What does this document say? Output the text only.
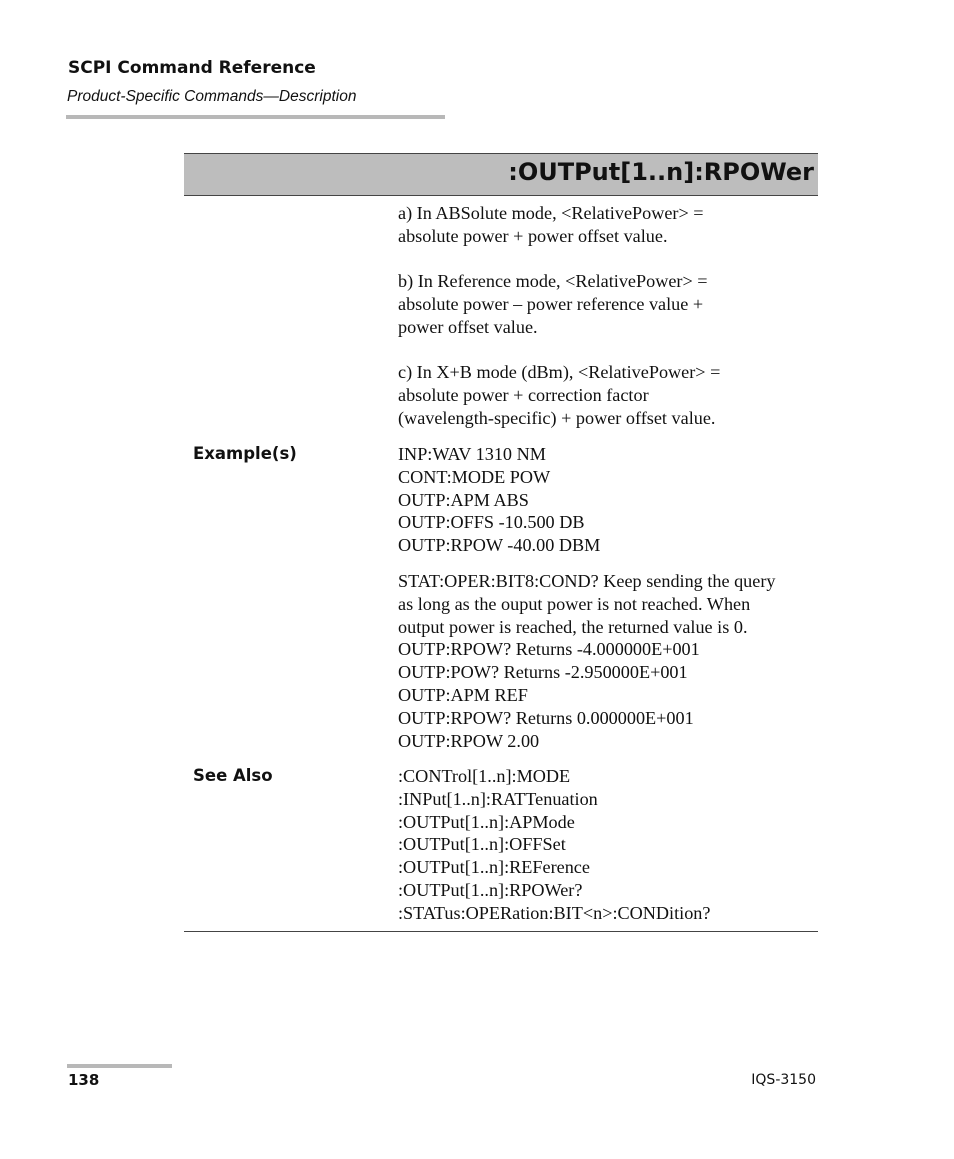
SCPI Command Reference
Product-Specific Commands—Description
:OUTPut[1..n]:RPOWer

a) In ABSolute mode, <RelativePower> =
absolute power + power offset value.

b) In Reference mode, <RelativePower> =
absolute power – power reference value +
power offset value.

c) In X+B mode (dBm), <RelativePower> =
absolute power + correction factor
(wavelength-specific) + power offset value.

Example(s)	INP:WAV 1310 NM
CONT:MODE POW
OUTP:APM ABS
OUTP:OFFS -10.500 DB
OUTP:RPOW -40.00 DBM

STAT:OPER:BIT8:COND? Keep sending the query
as long as the ouput power is not reached. When
output power is reached, the returned value is 0.
OUTP:RPOW? Returns -4.000000E+001
OUTP:POW? Returns -2.950000E+001
OUTP:APM REF
OUTP:RPOW? Returns 0.000000E+001
OUTP:RPOW 2.00

See Also	:CONTrol[1..n]:MODE
:INPut[1..n]:RATTenuation
:OUTPut[1..n]:APMode
:OUTPut[1..n]:OFFSet
:OUTPut[1..n]:REFerence
:OUTPut[1..n]:RPOWer?
:STATus:OPERation:BIT<n>:CONDition?

138	IQS-3150
